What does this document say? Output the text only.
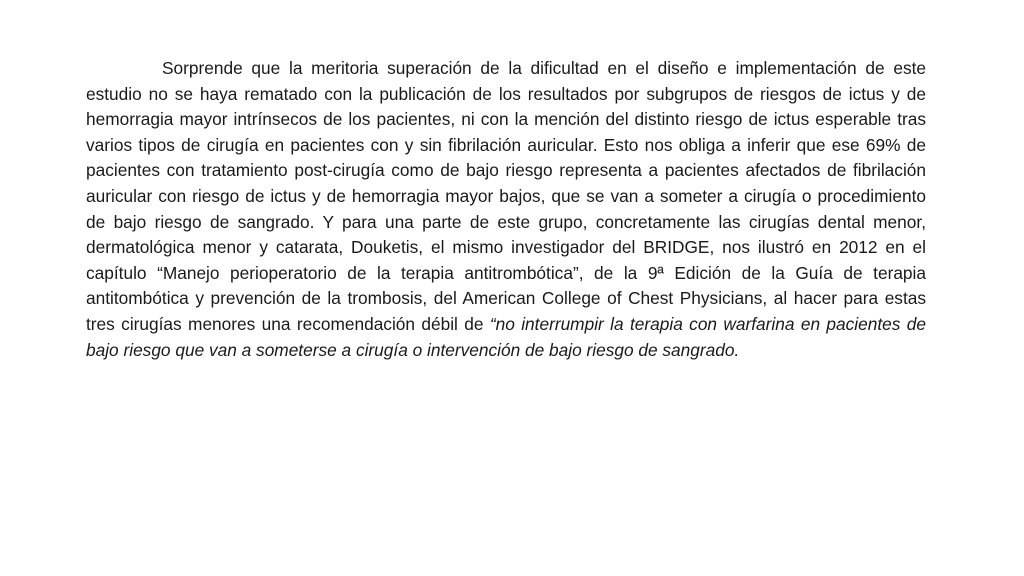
Sorprende que la meritoria superación de la dificultad en el diseño e implementación de este estudio no se haya rematado con la publicación de los resultados por subgrupos de riesgos de ictus y de hemorragia mayor intrínsecos de los pacientes, ni con la mención del distinto riesgo de ictus esperable tras varios tipos de cirugía en pacientes con y sin fibrilación auricular. Esto nos obliga a inferir que ese 69% de pacientes con tratamiento post-cirugía como de bajo riesgo representa a pacientes afectados de fibrilación auricular con riesgo de ictus y de hemorragia mayor bajos, que se van a someter a cirugía o procedimiento de bajo riesgo de sangrado. Y para una parte de este grupo, concretamente las cirugías dental menor, dermatológica menor y catarata, Douketis, el mismo investigador del BRIDGE, nos ilustró en 2012 en el capítulo “Manejo perioperatorio de la terapia antitrombótica”, de la 9ª Edición de la Guía de terapia antitombótica y prevención de la trombosis, del American College of Chest Physicians, al hacer para estas tres cirugías menores una recomendación débil de “no interrumpir la terapia con warfarina en pacientes de bajo riesgo que van a someterse a cirugía o intervención de bajo riesgo de sangrado.
